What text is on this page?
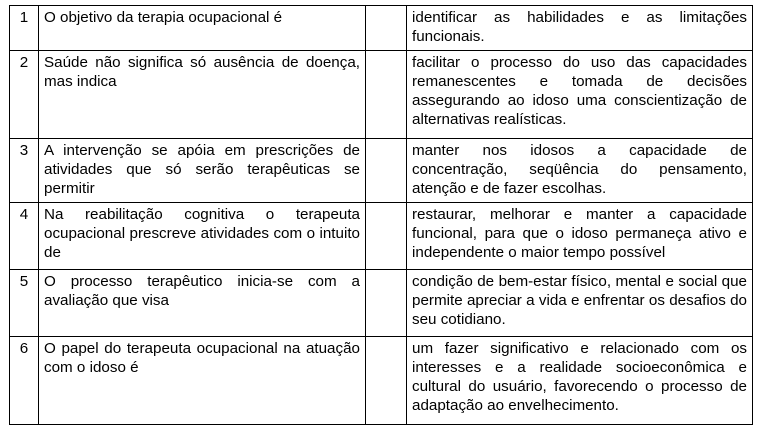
1	O objetivo da terapia ocupacional é		identificar as habilidades e as limitações funcionais.
2	Saúde não significa só ausência de doença, mas indica		facilitar o processo do uso das capacidades remanescentes e tomada de decisões assegurando ao idoso uma conscientização de alternativas realísticas.
3	A intervenção se apóia em prescrições de atividades que só serão terapêuticas se permitir		manter nos idosos a capacidade de concentração, seqüência do pensamento, atenção e de fazer escolhas.
4	Na reabilitação cognitiva o terapeuta ocupacional prescreve atividades com o intuito de		restaurar, melhorar e manter a capacidade funcional, para que o idoso permaneça ativo e independente o maior tempo possível
5	O processo terapêutico inicia-se com a avaliação que visa		condição de bem-estar físico, mental e social que permite apreciar a vida e enfrentar os desafios do seu cotidiano.
6	O papel do terapeuta ocupacional na atuação com o idoso é		um fazer significativo e relacionado com os interesses e a realidade socioeconômica e cultural do usuário, favorecendo o processo de adaptação ao envelhecimento.
